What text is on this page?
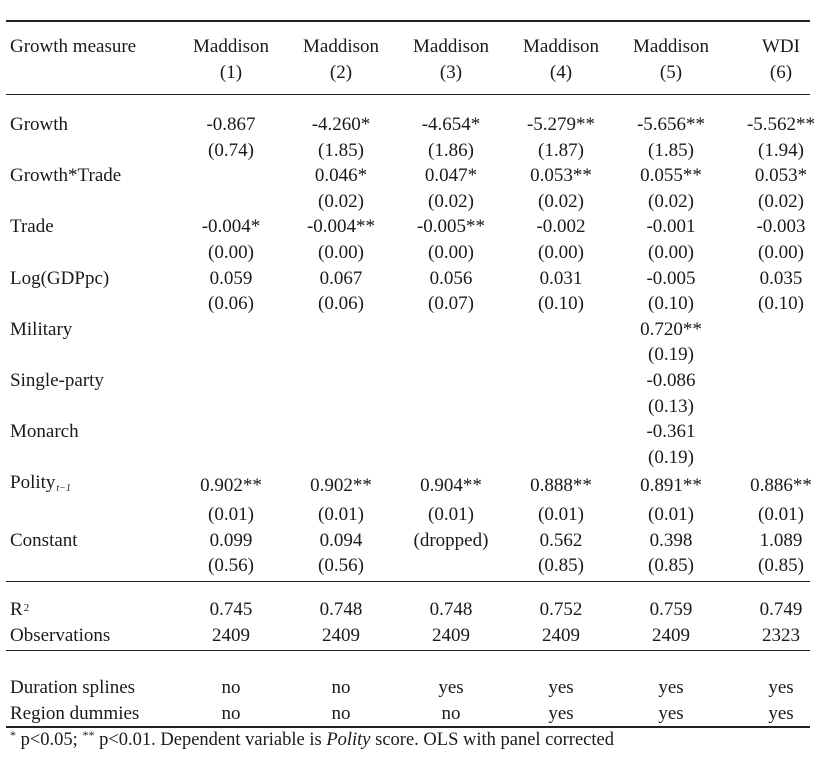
Growth measure	Maddison	Maddison	Maddison	Maddison	Maddison	WDI
	(1)	(2)	(3)	(4)	(5)	(6)
Growth	-0.867	-4.260*	-4.654*	-5.279**	-5.656**	-5.562**
	(0.74)	(1.85)	(1.86)	(1.87)	(1.85)	(1.94)
Growth*Trade		0.046*	0.047*	0.053**	0.055**	0.053*
		(0.02)	(0.02)	(0.02)	(0.02)	(0.02)
Trade	-0.004*	-0.004**	-0.005**	-0.002	-0.001	-0.003
	(0.00)	(0.00)	(0.00)	(0.00)	(0.00)	(0.00)
Log(GDPpc)	0.059	0.067	0.056	0.031	-0.005	0.035
	(0.06)	(0.06)	(0.07)	(0.10)	(0.10)	(0.10)
Military					0.720**	
					(0.19)	
Single-party					-0.086	
					(0.13)	
Monarch					-0.361	
					(0.19)	
Polity$_{t-1}$	0.902**	0.902**	0.904**	0.888**	0.891**	0.886**
	(0.01)	(0.01)	(0.01)	(0.01)	(0.01)	(0.01)
Constant	0.099	0.094	(dropped)	0.562	0.398	1.089
	(0.56)	(0.56)		(0.85)	(0.85)	(0.85)
$R^2$	0.745	0.748	0.748	0.752	0.759	0.749
Observations	2409	2409	2409	2409	2409	2323
Duration splines	no	no	yes	yes	yes	yes
Region dummies	no	no	no	yes	yes	yes
* p<0.05; ** p<0.01. Dependent variable is Polity score. OLS with panel corrected
